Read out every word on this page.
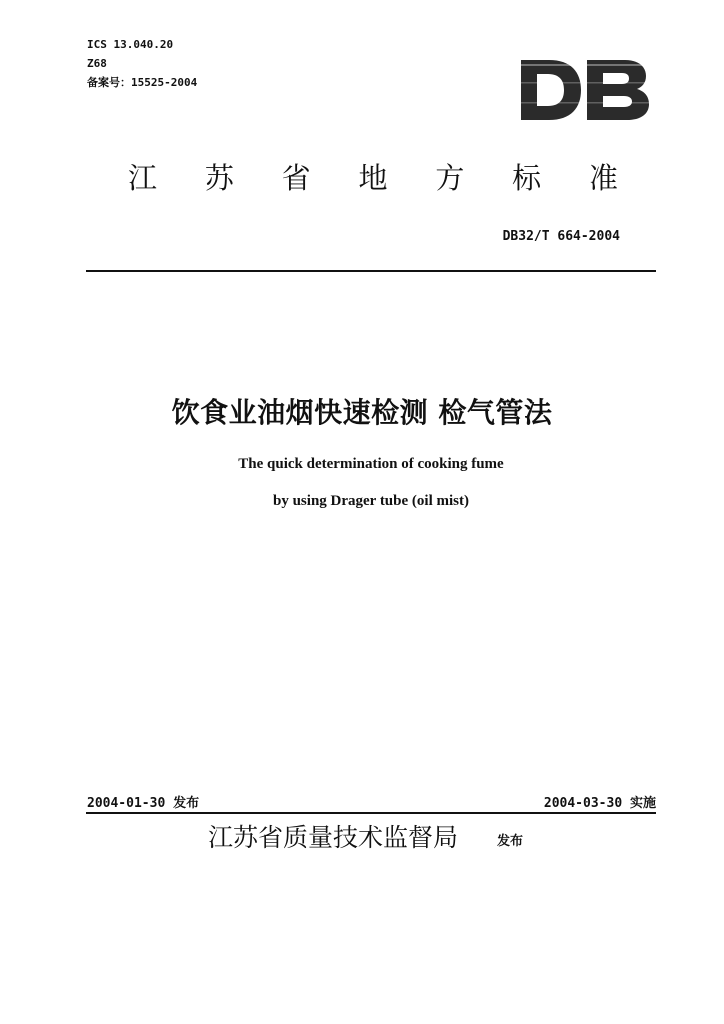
ICS 13.040.20
Z68
备案号：15525-2004
江 苏 省 地 方 标 准
DB32/T 664-2004
饮食业油烟快速检测 检气管法
The quick determination of cooking fume
by using Drager tube (oil mist)
2004-01-30 发布	2004-03-30 实施
江苏省质量技术监督局	发布
